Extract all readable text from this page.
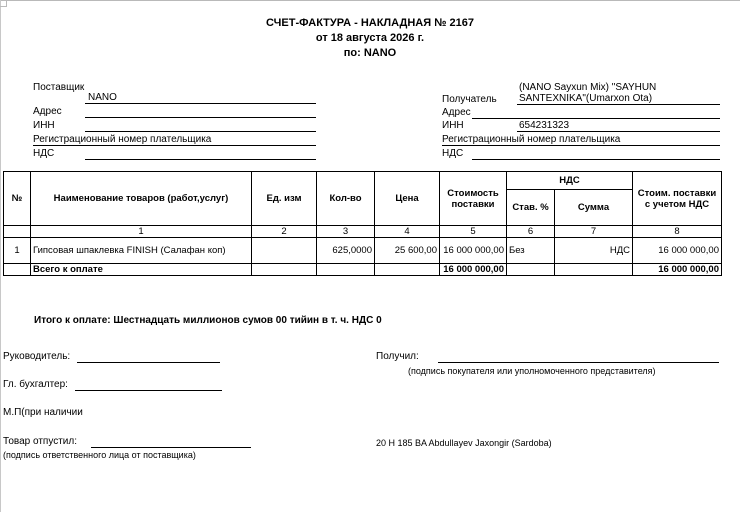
СЧЕТ-ФАКТУРА - НАКЛАДНАЯ № 2167
от 18 августа 2026 г.
по: NANO
Поставщик
NANO
Адрес
ИНН
Регистрационный номер плательщика
НДС
(NANO Sayxun Mix) "SAYHUN
Получатель SANTEXNIKA"(Umarxon Ota)
Адрес
ИНН	654231323
Регистрационный номер плательщика
НДС
№	Наименование товаров (работ,услуг)	Ед. изм	Кол-во	Цена	Стоимость поставки	НДС		Стоим. поставки с учетом НДС
						Став. %	Сумма	
	1	2	3	4	5	6	7	8
1	Гипсовая шпаклевка FINISH (Салафан коп)		625,0000	25 600,00	16 000 000,00	Без	НДС	16 000 000,00
	Всего к оплате				16 000 000,00			16 000 000,00
Итого к оплате: Шестнадцать миллионов сумов 00 тийин в т. ч. НДС 0
Руководитель:
Гл. бухгалтер:
М.П(при наличии
Товар отпустил:
(подпись ответственного лица от поставщика)
Получил:
(подпись покупателя или уполномоченного представителя)
20 H 185 BA Abdullayev Jaxongir (Sardoba)
